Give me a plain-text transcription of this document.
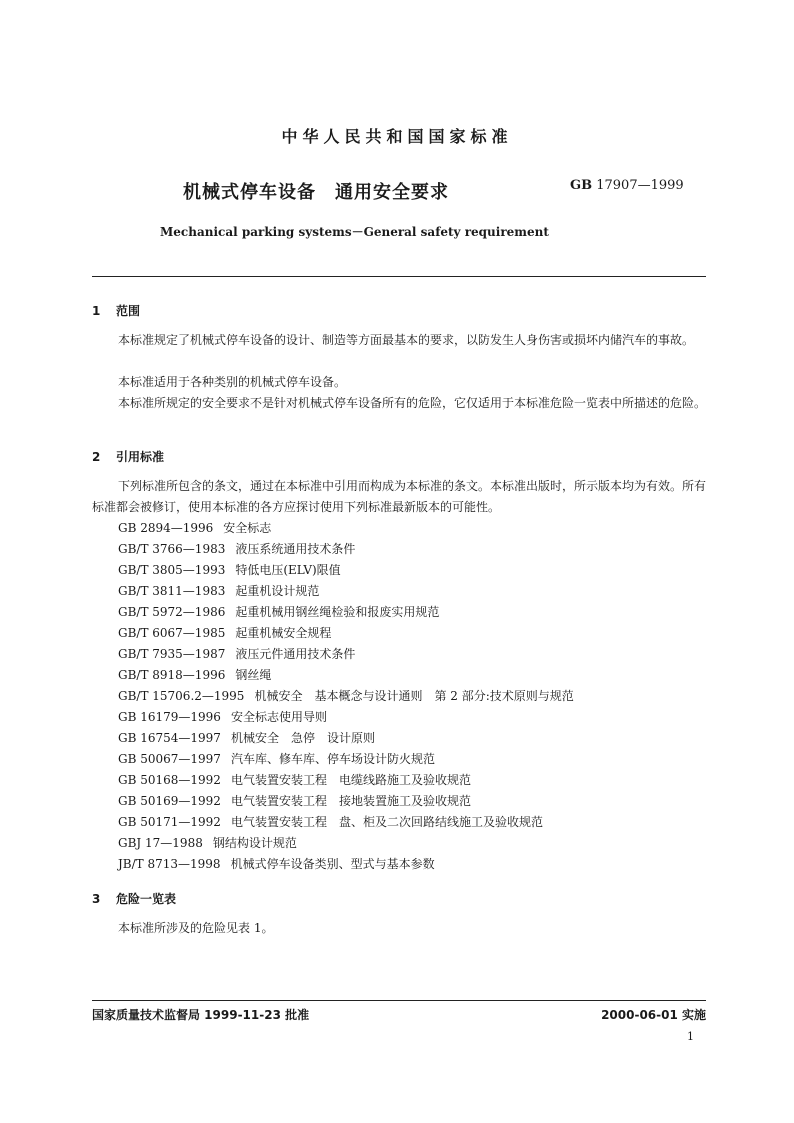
中华人民共和国国家标准
机械式停车设备　通用安全要求	GB 17907—1999
Mechanical parking systems－General safety requirement
1 范围
本标准规定了机械式停车设备的设计、制造等方面最基本的要求，以防发生人身伤害或损坏内储汽车的事故。
本标准适用于各种类别的机械式停车设备。
本标准所规定的安全要求不是针对机械式停车设备所有的危险，它仅适用于本标准危险一览表中所描述的危险。
2 引用标准
下列标准所包含的条文，通过在本标准中引用而构成为本标准的条文。本标准出版时，所示版本均为有效。所有标准都会被修订，使用本标准的各方应探讨使用下列标准最新版本的可能性。
GB 2894—1996 安全标志
GB/T 3766—1983 液压系统通用技术条件
GB/T 3805—1993 特低电压(ELV)限值
GB/T 3811—1983 起重机设计规范
GB/T 5972—1986 起重机械用钢丝绳检验和报废实用规范
GB/T 6067—1985 起重机械安全规程
GB/T 7935—1987 液压元件通用技术条件
GB/T 8918—1996 钢丝绳
GB/T 15706.2—1995 机械安全　基本概念与设计通则　第 2 部分:技术原则与规范
GB 16179—1996 安全标志使用导则
GB 16754—1997 机械安全　急停　设计原则
GB 50067—1997 汽车库、修车库、停车场设计防火规范
GB 50168—1992 电气装置安装工程　电缆线路施工及验收规范
GB 50169—1992 电气装置安装工程　接地装置施工及验收规范
GB 50171—1992 电气装置安装工程　盘、柜及二次回路结线施工及验收规范
GBJ 17—1988 钢结构设计规范
JB/T 8713—1998 机械式停车设备类别、型式与基本参数
3 危险一览表
本标准所涉及的危险见表 1。
国家质量技术监督局 1999-11-23 批准	2000-06-01 实施
1
